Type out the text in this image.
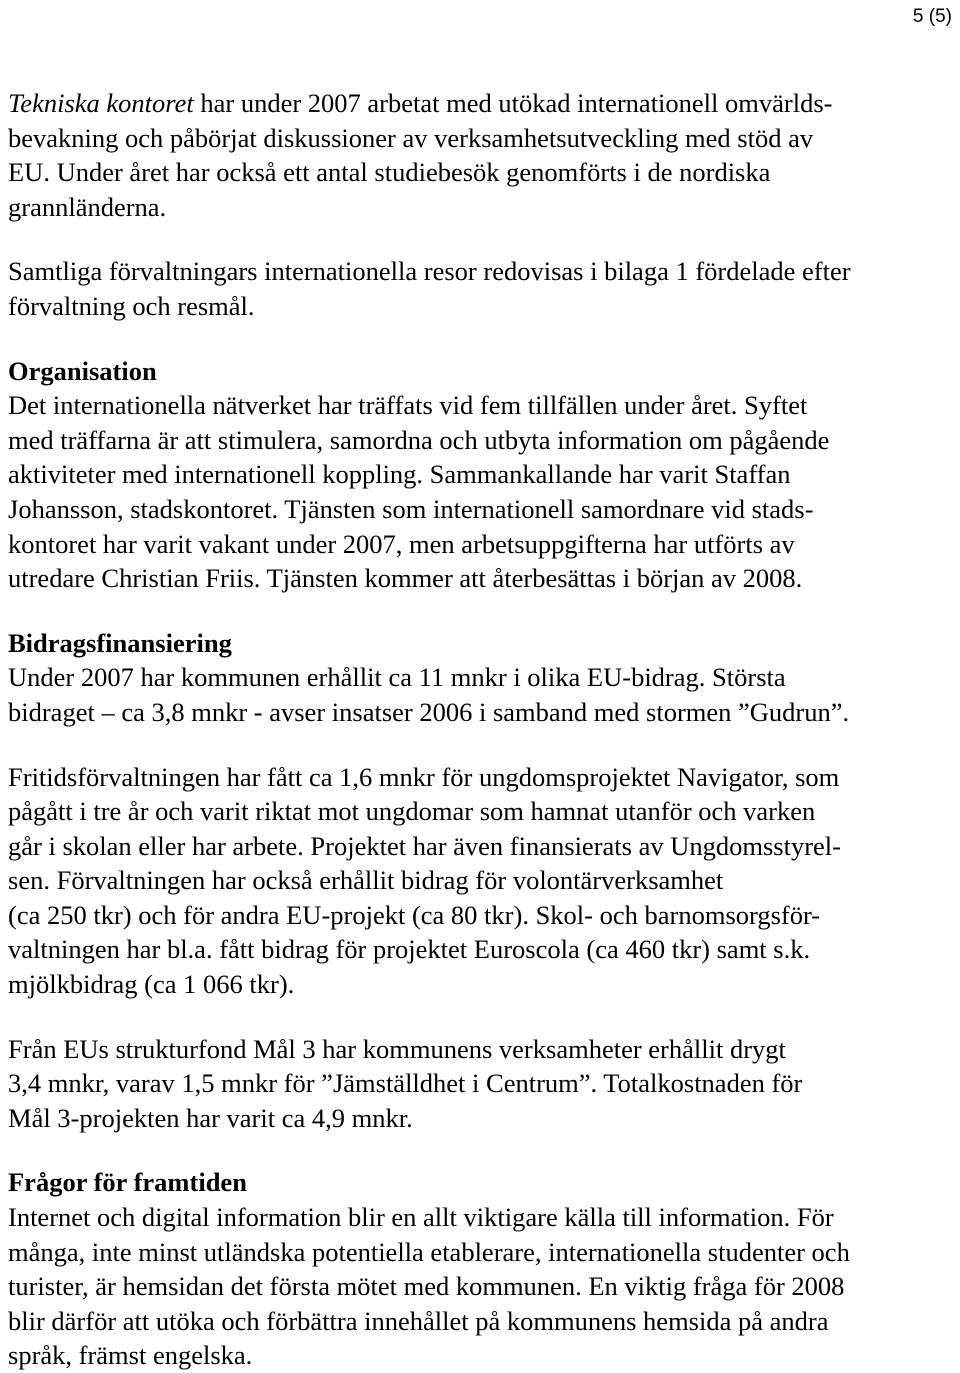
5 (5)
Tekniska kontoret har under 2007 arbetat med utökad internationell omvärlds-
bevakning och påbörjat diskussioner av verksamhetsutveckling med stöd av
EU. Under året har också ett antal studiebesök genomförts i de nordiska
grannländerna.
Samtliga förvaltningars internationella resor redovisas i bilaga 1 fördelade efter
förvaltning och resmål.
Organisation
Det internationella nätverket har träffats vid fem tillfällen under året. Syftet
med träffarna är att stimulera, samordna och utbyta information om pågående
aktiviteter med internationell koppling. Sammankallande har varit Staffan
Johansson, stadskontoret. Tjänsten som internationell samordnare vid stads-
kontoret har varit vakant under 2007, men arbetsuppgifterna har utförts av
utredare Christian Friis. Tjänsten kommer att återbesättas i början av 2008.
Bidragsfinansiering
Under 2007 har kommunen erhållit ca 11 mnkr i olika EU-bidrag. Största
bidraget – ca 3,8 mnkr - avser insatser 2006 i samband med stormen ”Gudrun”.
Fritidsförvaltningen har fått ca 1,6 mnkr för ungdomsprojektet Navigator, som
pågått i tre år och varit riktat mot ungdomar som hamnat utanför och varken
går i skolan eller har arbete. Projektet har även finansierats av Ungdomsstyrel-
sen. Förvaltningen har också erhållit bidrag för volontärverksamhet
(ca 250 tkr) och för andra EU-projekt (ca 80 tkr). Skol- och barnomsorgsför-
valtningen har bl.a. fått bidrag för projektet Euroscola (ca 460 tkr) samt s.k.
mjölkbidrag (ca 1 066 tkr).
Från EUs strukturfond Mål 3 har kommunens verksamheter erhållit drygt
3,4 mnkr, varav 1,5 mnkr för ”Jämställdhet i Centrum”. Totalkostnaden för
Mål 3-projekten har varit ca 4,9 mnkr.
Frågor för framtiden
Internet och digital information blir en allt viktigare källa till information. För
många, inte minst utländska potentiella etablerare, internationella studenter och
turister, är hemsidan det första mötet med kommunen. En viktig fråga för 2008
blir därför att utöka och förbättra innehållet på kommunens hemsida på andra
språk, främst engelska.
